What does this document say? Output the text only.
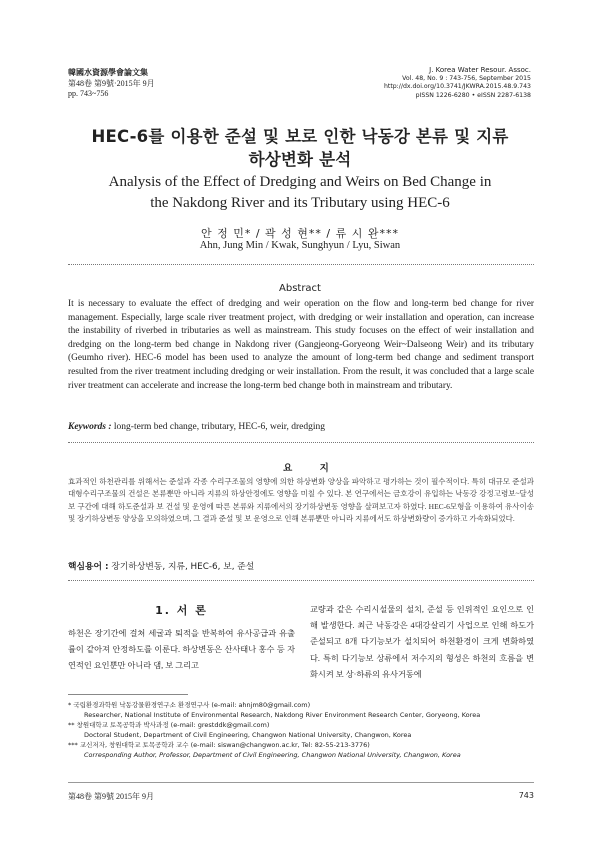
韓國水資源學會論文集
第48卷 第9號·2015年 9月
pp. 743~756
J. Korea Water Resour. Assoc.
Vol. 48, No. 9 : 743-756, September 2015
http://dx.doi.org/10.3741/JKWRA.2015.48.9.743
pISSN 1226-6280 • eISSN 2287-6138
HEC-6를 이용한 준설 및 보로 인한 낙동강 본류 및 지류
하상변화 분석
Analysis of the Effect of Dredging and Weirs on Bed Change in
the Nakdong River and its Tributary using HEC-6
안 정 민* / 곽 성 현** / 류 시 완***
Ahn, Jung Min / Kwak, Sunghyun / Lyu, Siwan
Abstract
It is necessary to evaluate the effect of dredging and weir operation on the flow and long-term bed change for river management. Especially, large scale river treatment project, with dredging or weir installation and operation, can increase the instability of riverbed in tributaries as well as mainstream. This study focuses on the effect of weir installation and dredging on the long-term bed change in Nakdong river (Gangjeong-Goryeong Weir~Dalseong Weir) and its tributary (Geumho river). HEC-6 model has been used to analyze the amount of long-term bed change and sediment transport resulted from the river treatment including dredging or weir installation. From the result, it was concluded that a large scale river treatment can accelerate and increase the long-term bed change both in mainstream and tributary.
Keywords : long-term bed change, tributary, HEC-6, weir, dredging
요 지
효과적인 하천관리를 위해서는 준설과 각종 수리구조물의 영향에 의한 하상변화 양상을 파악하고 평가하는 것이 필수적이다. 특히 대규모 준설과 대형수리구조물의 건설은 본류뿐만 아니라 지류의 하상안정에도 영향을 미칠 수 있다. 본 연구에서는 금호강이 유입하는 낙동강 강정고령보~달성보 구간에 대해 하도준설과 보 건설 및 운영에 따른 본류와 지류에서의 장기하상변동 영향을 살펴보고자 하였다. HEC-6모형을 이용하여 유사이송 및 장기하상변동 양상을 모의하였으며, 그 결과 준설 및 보 운영으로 인해 본류뿐만 아니라 지류에서도 하상변화량이 증가하고 가속화되었다.
핵심용어 : 장기하상변동, 지류, HEC-6, 보, 준설
1. 서 론
하천은 장기간에 걸쳐 세굴과 퇴적을 반복하여 유사공급과 유출률이 같아져 안정하도를 이룬다. 하상변동은 산사태나 홍수 등 자연적인 요인뿐만 아니라 댐, 보 그리고
교량과 같은 수리시설물의 설치, 준설 등 인위적인 요인으로 인해 발생한다. 최근 낙동강은 4대강살리기 사업으로 인해 하도가 준설되고 8개 다기능보가 설치되어 하천환경이 크게 변화하였다. 특히 다기능보 상류에서 저수지의 형성은 하천의 흐름을 변화시켜 보 상·하류의 유사거동에
* 국립환경과학원 낙동강물환경연구소 환경연구사 (e-mail: ahnjm80@gmail.com)
Researcher, National Institute of Environmental Research, Nakdong River Environment Research Center, Goryeong, Korea
** 창원대학교 토목공학과 박사과정 (e-mail: grestddk@gmail.com)
Doctoral Student, Department of Civil Engineering, Changwon National University, Changwon, Korea
*** 교신저자, 창원대학교 토목공학과 교수 (e-mail: siswan@changwon.ac.kr, Tel: 82-55-213-3776)
Corresponding Author, Professor, Department of Civil Engineering, Changwon National University, Changwon, Korea
第48卷 第9號 2015年 9月	743
